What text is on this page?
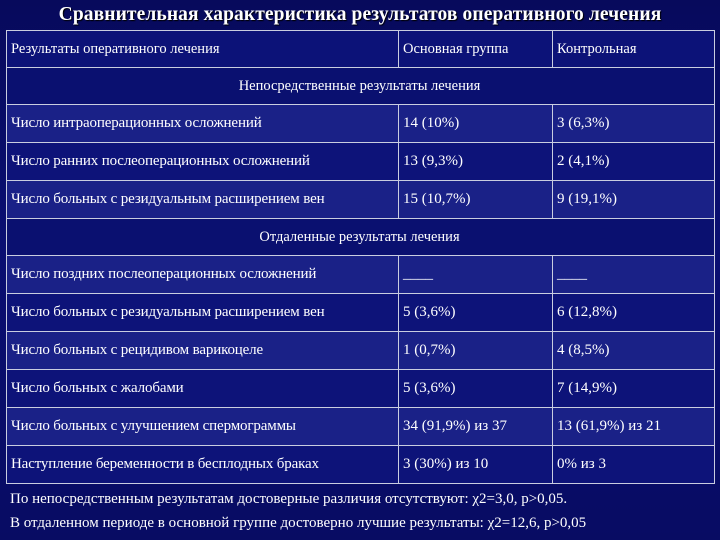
Сравнительная характеристика результатов оперативного лечения
Результаты оперативного лечения	Основная группа	Контрольная
Непосредственные результаты лечения		
Число интраоперационных осложнений	14 (10%)	3 (6,3%)
Число ранних послеоперационных осложнений	13 (9,3%)	2 (4,1%)
Число больных с резидуальным расширением вен	15 (10,7%)	9 (19,1%)
Отдаленные результаты лечения		
Число поздних послеоперационных осложнений	____	____
Число больных с резидуальным расширением вен	5 (3,6%)	6 (12,8%)
Число больных с рецидивом варикоцеле	1 (0,7%)	4 (8,5%)
Число больных с жалобами	5 (3,6%)	7 (14,9%)
Число больных с улучшением спермограммы	34 (91,9%) из 37	13 (61,9%) из 21
Наступление беременности в бесплодных браках	3 (30%) из 10	0% из 3
По непосредственным результатам достоверные различия отсутствуют: χ2=3,0, p>0,05.
В отдаленном периоде в основной группе достоверно лучшие результаты: χ2=12,6, p>0,05
